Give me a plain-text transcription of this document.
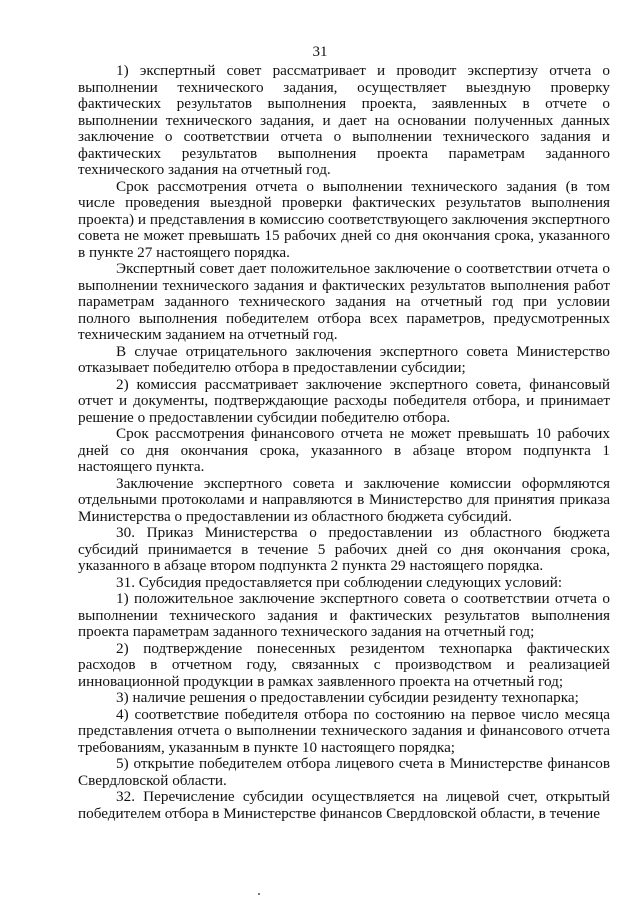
31

1) экспертный совет рассматривает и проводит экспертизу отчета о выполнении технического задания, осуществляет выездную проверку фактических результатов выполнения проекта, заявленных в отчете о выполнении технического задания, и дает на основании полученных данных заключение о соответствии отчета о выполнении технического задания и фактических результатов выполнения проекта параметрам заданного технического задания на отчетный год.

Срок рассмотрения отчета о выполнении технического задания (в том числе проведения выездной проверки фактических результатов выполнения проекта) и представления в комиссию соответствующего заключения экспертного совета не может превышать 15 рабочих дней со дня окончания срока, указанного в пункте 27 настоящего порядка.

Экспертный совет дает положительное заключение о соответствии отчета о выполнении технического задания и фактических результатов выполнения работ параметрам заданного технического задания на отчетный год при условии полного выполнения победителем отбора всех параметров, предусмотренных техническим заданием на отчетный год.

В случае отрицательного заключения экспертного совета Министерство отказывает победителю отбора в предоставлении субсидии;

2) комиссия рассматривает заключение экспертного совета, финансовый отчет и документы, подтверждающие расходы победителя отбора, и принимает решение о предоставлении субсидии победителю отбора.

Срок рассмотрения финансового отчета не может превышать 10 рабочих дней со дня окончания срока, указанного в абзаце втором подпункта 1 настоящего пункта.

Заключение экспертного совета и заключение комиссии оформляются отдельными протоколами и направляются в Министерство для принятия приказа Министерства о предоставлении из областного бюджета субсидий.

30. Приказ Министерства о предоставлении из областного бюджета субсидий принимается в течение 5 рабочих дней со дня окончания срока, указанного в абзаце втором подпункта 2 пункта 29 настоящего порядка.

31. Субсидия предоставляется при соблюдении следующих условий:

1) положительное заключение экспертного совета о соответствии отчета о выполнении технического задания и фактических результатов выполнения проекта параметрам заданного технического задания на отчетный год;

2) подтверждение понесенных резидентом технопарка фактических расходов в отчетном году, связанных с производством и реализацией инновационной продукции в рамках заявленного проекта на отчетный год;

3) наличие решения о предоставлении субсидии резиденту технопарка;

4) соответствие победителя отбора по состоянию на первое число месяца представления отчета о выполнении технического задания и финансового отчета требованиям, указанным в пункте 10 настоящего порядка;

5) открытие победителем отбора лицевого счета в Министерстве финансов Свердловской области.

32. Перечисление субсидии осуществляется на лицевой счет, открытый победителем отбора в Министерстве финансов Свердловской области, в течение
